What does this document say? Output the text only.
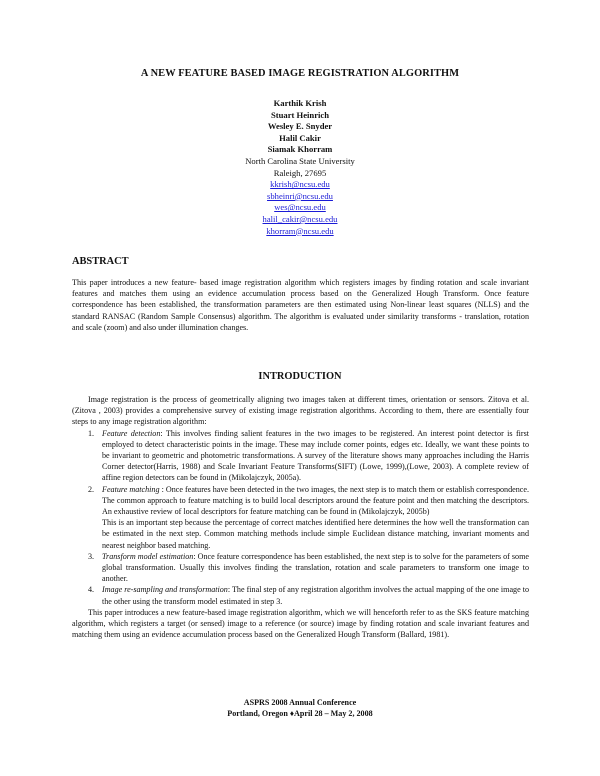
A NEW FEATURE BASED IMAGE REGISTRATION ALGORITHM
Karthik Krish
Stuart Heinrich
Wesley E. Snyder
Halil Cakir
Siamak Khorram
North Carolina State University
Raleigh, 27695
kkrish@ncsu.edu
sbheinri@ncsu.edu
wes@ncsu.edu
halil_cakir@ncsu.edu
khorram@ncsu.edu
ABSTRACT
This paper introduces a new feature- based image registration algorithm which registers images by finding rotation and scale invariant features and matches them using an evidence accumulation process based on the Generalized Hough Transform. Once feature correspondence has been established, the transformation parameters are then estimated using Non-linear least squares (NLLS) and the standard RANSAC (Random Sample Consensus) algorithm. The algorithm is evaluated under similarity transforms - translation, rotation and scale (zoom) and also under illumination changes.
INTRODUCTION

Image registration is the process of geometrically aligning two images taken at different times, orientation or sensors. Zitova et al.(Zitova , 2003) provides a comprehensive survey of existing image registration algorithms. According to them, there are essentially four steps to any image registration algorithm:

1. Feature detection: This involves finding salient features in the two images to be registered. An interest point detector is first employed to detect characteristic points in the image. These may include corner points, edges etc. Ideally, we want these points to be invariant to geometric and photometric transformations. A survey of the literature shows many approaches including the Harris Corner detector(Harris, 1988) and Scale Invariant Feature Transforms(SIFT) (Lowe, 1999),(Lowe, 2003). A complete review of affine region detectors can be found in (Mikolajczyk, 2005a).

2. Feature matching : Once features have been detected in the two images, the next step is to match them or establish correspondence. The common approach to feature matching is to build local descriptors around the feature point and then matching the descriptors. An exhaustive review of local descriptors for feature matching can be found in (Mikolajczyk, 2005b)

This is an important step because the percentage of correct matches identified here determines the how well the transformation can be estimated in the next step. Common matching methods include simple Euclidean distance matching, invariant moments and nearest neighbor based matching.

3. Transform model estimation: Once feature correspondence has been established, the next step is to solve for the parameters of some global transformation. Usually this involves finding the translation, rotation and scale parameters to transform one image to another.

4. Image re-sampling and transformation: The final step of any registration algorithm involves the actual mapping of the one image to the other using the transform model estimated in step 3.

This paper introduces a new feature-based image registration algorithm, which we will henceforth refer to as the SKS feature matching algorithm, which registers a target (or sensed) image to a reference (or source) image by finding rotation and scale invariant features and matching them using an evidence accumulation process based on the Generalized Hough Transform (Ballard, 1981).

ASPRS 2008 Annual Conference
Portland, Oregon ♦April 28 – May 2, 2008
